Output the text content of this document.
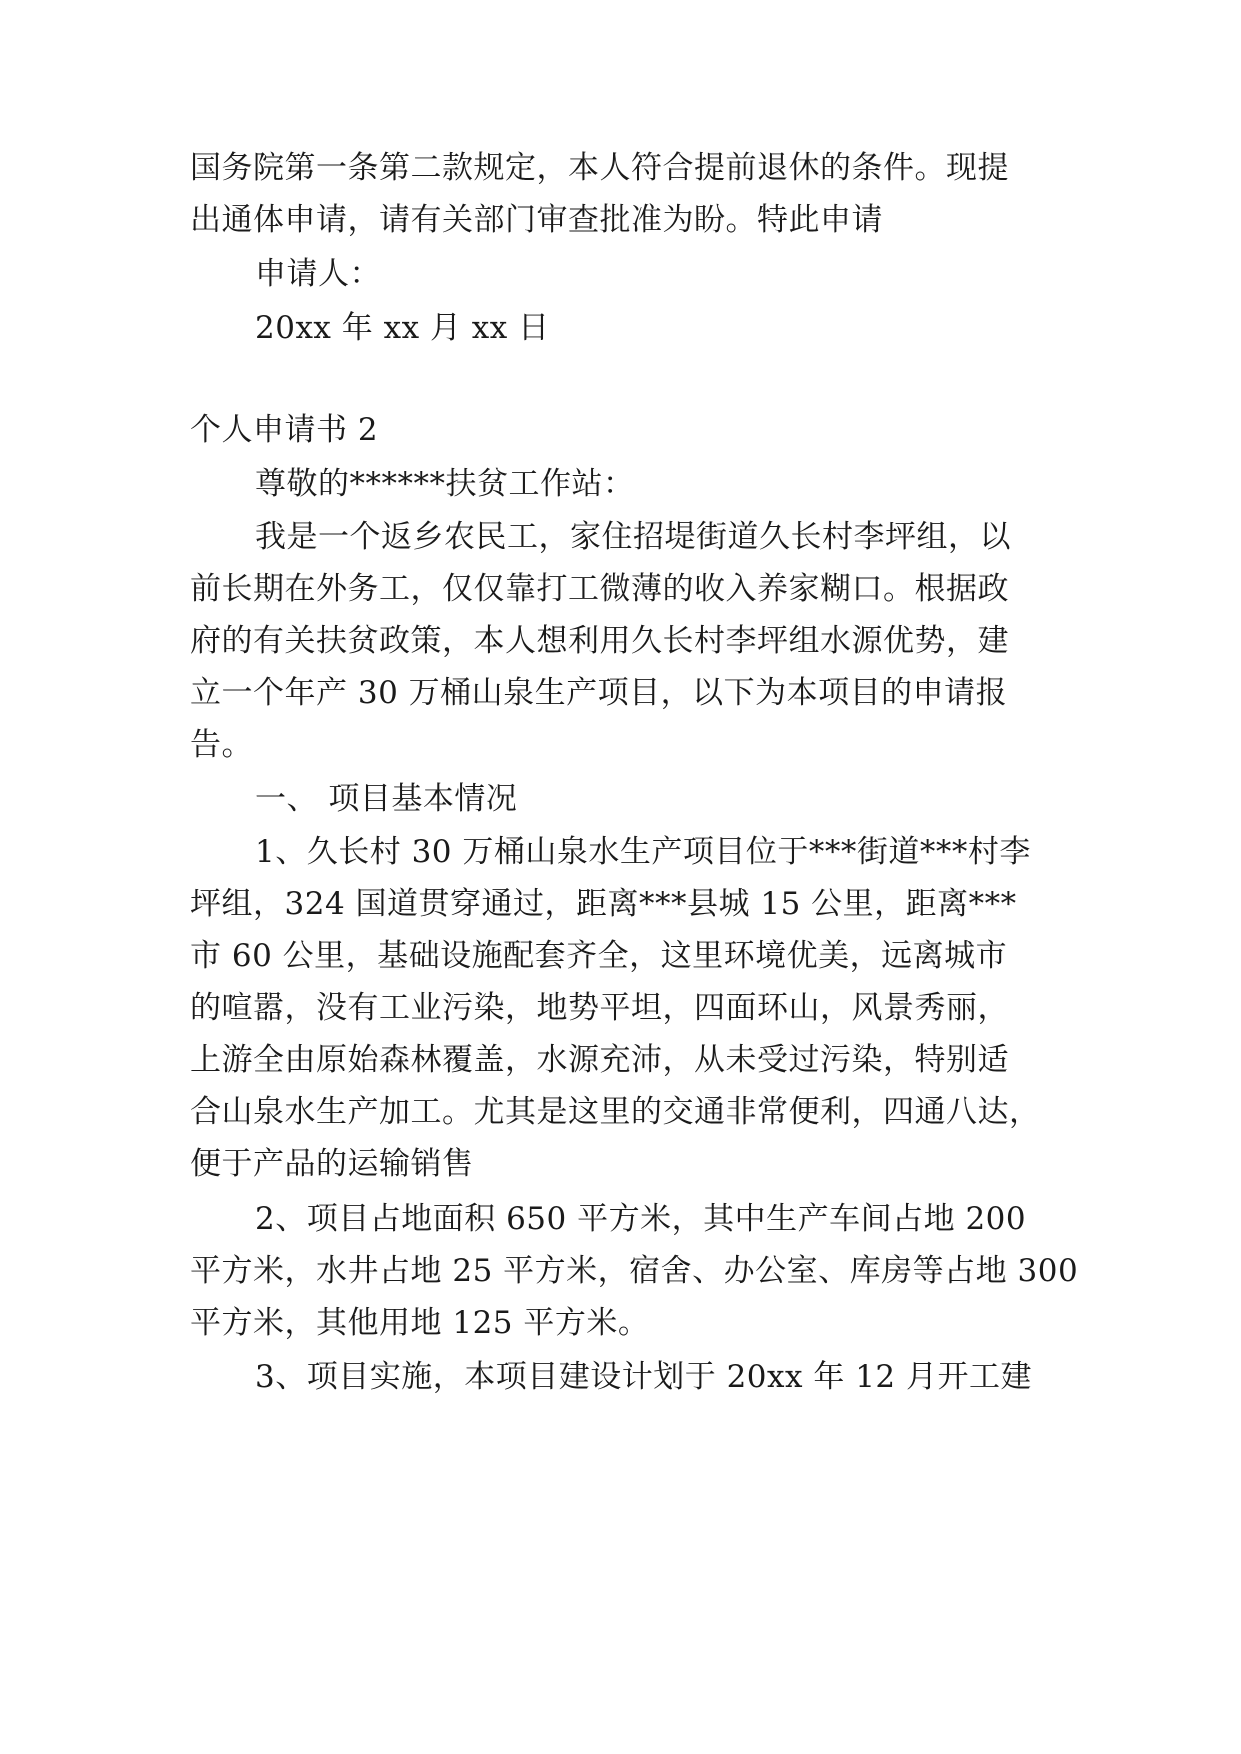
国务院第一条第二款规定，本人符合提前退休的条件。现提
出通体申请，请有关部门审查批准为盼。特此申请
申请人：
20xx 年 xx 月 xx 日
个人申请书 2
尊敬的******扶贫工作站：
我是一个返乡农民工，家住招堤街道久长村李坪组，以
前长期在外务工，仅仅靠打工微薄的收入养家糊口。根据政
府的有关扶贫政策，本人想利用久长村李坪组水源优势，建
立一个年产 30 万桶山泉生产项目，以下为本项目的申请报
告。
一、 项目基本情况
1、久长村 30 万桶山泉水生产项目位于***街道***村李
坪组，324 国道贯穿通过，距离***县城 15 公里，距离***
市 60 公里，基础设施配套齐全，这里环境优美，远离城市
的喧嚣，没有工业污染，地势平坦，四面环山，风景秀丽，
上游全由原始森林覆盖，水源充沛，从未受过污染，特别适
合山泉水生产加工。尤其是这里的交通非常便利，四通八达，
便于产品的运输销售
2、项目占地面积 650 平方米，其中生产车间占地 200
平方米，水井占地 25 平方米，宿舍、办公室、库房等占地 300
平方米，其他用地 125 平方米。
3、项目实施，本项目建设计划于 20xx 年 12 月开工建
